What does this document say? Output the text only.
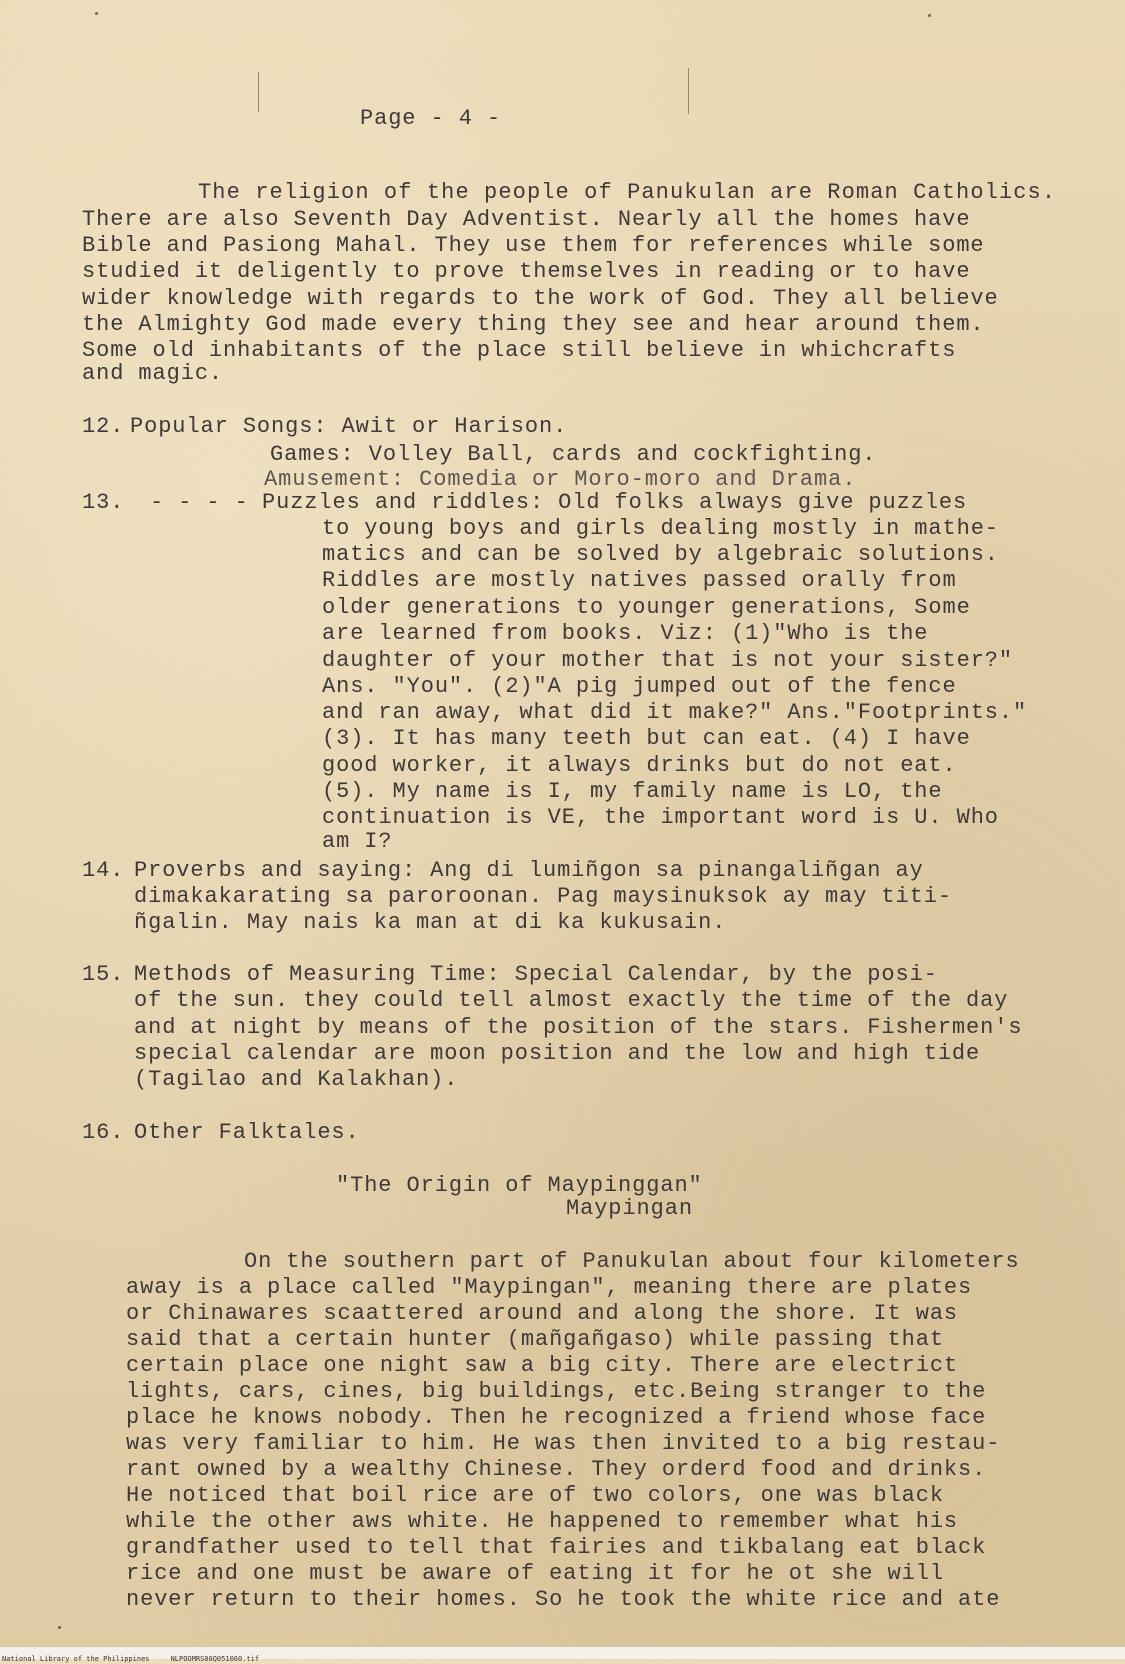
Page - 4 -

The religion of the people of Panukulan are Roman Catholics.

There are also Seventh Day Adventist. Nearly all the homes have

Bible and Pasiong Mahal. They use them for references while some

studied it deligently to prove themselves in reading or to have

wider knowledge with regards to the work of God. They all believe

the Almighty God made every thing they see and hear around them.

Some old inhabitants of the place still believe in whichcrafts

and magic.

12. Popular Songs: Awit or Harison.

Games: Volley Ball, cards and cockfighting.

Amusement: Comedia or Moro-moro and Drama.

13. - - - - Puzzles and riddles: Old folks always give puzzles

to young boys and girls dealing mostly in mathe-

matics and can be solved by algebraic solutions.

Riddles are mostly natives passed orally from

older generations to younger generations, Some

are learned from books. Viz: (1)"Who is the

daughter of your mother that is not your sister?"

Ans. "You". (2)"A pig jumped out of the fence

and ran away, what did it make?" Ans."Footprints."

(3). It has many teeth but can eat. (4) I have

good worker, it always drinks but do not eat.

(5). My name is I, my family name is LO, the

continuation is VE, the important word is U. Who

am I?

14. Proverbs and saying: Ang di lumiñgon sa pinangaliñgan ay

dimakakarating sa paroroonan. Pag maysinuksok ay may titi-

ñgalin. May nais ka man at di ka kukusain.

15. Methods of Measuring Time: Special Calendar, by the posi-

of the sun. they could tell almost exactly the time of the day

and at night by means of the position of the stars. Fishermen's

special calendar are moon position and the low and high tide

(Tagilao and Kalakhan).

16. Other Falktales.

"The Origin of Maypinggan"

Maypingan

On the southern part of Panukulan about four kilometers

away is a place called "Maypingan", meaning there are plates

or Chinawares scaattered around and along the shore. It was

said that a certain hunter (mañgañgaso) while passing that

certain place one night saw a big city. There are electrict

lights, cars, cines, big buildings, etc.Being stranger to the

place he knows nobody. Then he recognized a friend whose face

was very familiar to him. He was then invited to a big restau-

rant owned by a wealthy Chinese. They orderd food and drinks.

He noticed that boil rice are of two colors, one was black

while the other aws white. He happened to remember what his

grandfather used to tell that fairies and tikbalang eat black

rice and one must be aware of eating it for he ot she will

never return to their homes. So he took the white rice and ate

National Library of the Philippines     NLPOOMRS00Q051060.tif
